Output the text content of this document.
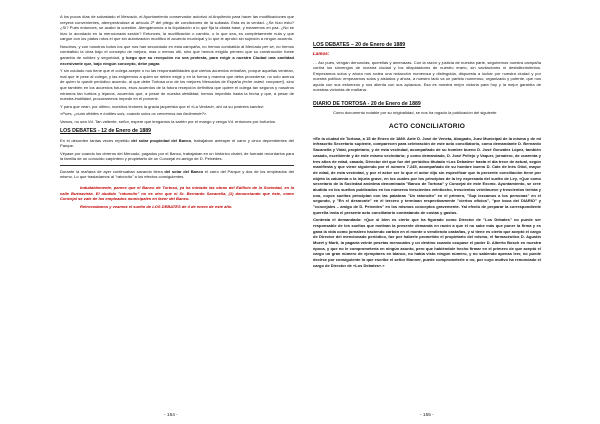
A los pocos días de subastado el Mercado, el Ayuntamiento conservador autorizó al Arquitecto para hacer las modificaciones que creyera convenientes, atemperándose al artículo 2º del pliego de condiciones de la subasta. Esta es la verdad. ¿Se hizo esto? ¿Sí? Pues entonces, se acabó la cuestión. Atengámonos a la liquidación a lo que fija la citada base, y estaremos en paz. ¿No se hizo lo acordado en la mencionada sesión? Entonces, la modificación o cambio, o lo que sea, es completamente nula y que cargue con los platos rotos el que sin autorización modificó el acuerdo municipal y lo que le aprobó sin sujeción a ningún acuerdo.

Nosotros, y con nosotros todos los que nos han secundado en esta campaña, no hemos combatido al Mercado per se, no hemos combatido la obra bajo el concepto de mejora, mas o menos útil, sino que hemos exigido primero que su construcción fuese garantía de solidez y seguridad, y luego que su recepción no sea protesta, para exigir a nuestra Ciudad una cantidad excesivante que, bajo ningún concepto, debe pagar.

Y sin cuidado nos tiene que el colega acepte o no las responsabilidades que ciertos acuerdos entrañan, porque aquellas verdean, mal que le pese al colega, y las exigiremos a quien se deben exigir y en la forma y manera que deba procederse, no solo acerca de quien lo quedé periódico acuerdo, al que debe Tortosa uno de los mejores Mercados de España (eche usted, compare!), sino que también en los acuerdos futuros, esos acuerdos de la futura recepción definitiva que quiere el colega tan seguros y nosotros miramos tan turbios y lejanos, acuerdos que, a pesar de nuestra debilidad, hemos impedido hasta la fecha y que, a pesar de nuestra inutilidad, procuraremos impedir en el porvenir.

Y para que vean, por último, nuestros lectores la gracia jaquerista que el «La Verdad», ahí va su postrera sandez:

«Pues, ¿cuán débiles e inútiles sois, cuando solos os vencemos tan fácilmente?».

Vamos, no sea Vd. Tan valiente, señor, espere que tengamos la sartén por el mango y venga Vd. entonces por bufuelos.

LOS DEBATES - 12 de Enero de 1889

En el desorden tantas veces repetido del solar propiedad del Banco, trabajaban anteayer el carro y cinco dependientes del Parque.

Véyase por cuando los obreros del Mercado, pagados por el Banco, trabajaban en un histórico chalet, de fuerade recordarlos para la familia de un conocido carpintero y propietario de un Concejal ex-amigo de D. Peixedes.

Durante la mañana de ayer continuaban sacando tierra del solar del Banco el carro del Parque y dos de los empleados del mismo. Lo que trasladamos al "ratoncito" a los efectos consiguientes.

Indudablemente, parece que el Banco de Tortosa, ya ha iniciado las obras del Edificio de la Sociedad, en la calle Buenavista. El aludido "ratoncito" no es otro que el Sr. Bernardo Sacanella, (1) denunciando que éste, como Concejal se vale de los empleados municipales en favor del Banco.

Retrocedamos y veamos el suelto de LOS DEBATES de 4 de enero de este año.

LOS DEBATES – 20 de Enero de 1889
Lamos:

… Así pues, vengan denuncias, querellas y amenazas. Con la razón y justicia de nuestra parte, seguiremos nuestra campaña contra los sinvengos de nuestra ciudad y los dilapidadores de nuestro erario, sin vacilaciones ni desfallecimientos. Empezamos solos y ahora nos rodea una redacción numerosa y distinguida, dispuesta a luchar por nuestra ciudad y por nuestra política: empezamos solos y aislados y ahora, a nuestro lado va un partido numeroso, organizado y potente, que nos ayuda con sus esfuerzos y nos alienta con sus aplausos. Esa es nuestra mejor victoria para hoy y la mejor garantía de nuestras victorias de mañana.

DIARIO DE TORTOSA - 20 de Enero de 1889

Como documento notable por su originalidad, se nos ha rogado la publicación del siguiente

ACTO CONCILIATORIO

«En la ciudad de Tortosa, a 15 de Enero de 1889. Ante D. José de Veneta, Abogado, Juez Municipal de la misma y de mi infrascrito Secretario suplente, comparecen para celebración de este acto conciliatorio, como demandante D. Bernardo Sacanella y Vidal, propietario, y de esta vecindad, acompañado de su hombre bueno D. José González López, también casado, escribiente y de este mismo vecindario; y como demandado, D. José Pellejo y Vaquer, jornalero, de cuarenta y tres años de edad, casado, Director del que fue del periódico titulado «Los Debates» hasta el día trece de actual, según manifiesta y que viene siguiendo por el número 7.245, acompañado de su hombre bueno D. Cate de Inés Otiol, mayor de edad, de esta vecindad, y por el actor ser lo que el actor dijo sin especificar que la presente conciliación tiene por objeto la calumnia o la injuria grave, en los cuales por los principios de la ley expresada del suelto de Ley, «Que como secretario de la Sociedad anónima denominada "Banco de Tortosa" y Concejal de este Excmo. Ayuntamiento, se cree aludido en los sueltos publicados en los números trescientos veintiocho, trescientos veintinueve y trescientos treinta y uno, cuyos sueltos principian con las palabras "Un ratoncito" en el primero, "Sup lezcamos a los personas" en el segundo, y "En el desmonte" en el tercero y terminan respectivamente "ciertos oficios", "por boca del DIARIO" y "concejales – amigo de D. Peixedes" en los mismos conceptos gravemente. Yal efecto de preparar la correspondiente querella insta el presente acto conciliatorio contratando de costas y gastos.

Contesta el demandado: «Que si bien es cierto que ha figurado como Director de "Los Debates" no puede ser responsable de los sueltos que motivan la presente demanda en razón a que él no sabe más que poner la firma y es gana la vida como jornalero haciendo carbón en el monte o vendiendo castañas, y si tiene es cierto que aceptó el cargo de Director del mencionado periódico, fue por haberle prometido el propietario del mismo, el farmacéutico D. Agustín Moret y Martí, la pagaría veinte pesetas mensuales y un destino cuando ocupase el poder D. Alberto Bosch en nuestra época, y que no le comprometería en ningún asunto, pero que habiéndole hecho firmar en el primero de que aceptó el cargo un gran número de ejemplares en blanco, no había visto ningún número, y no sabiendo apenas leer, no puede decirse por consiguiente lo que escribe el señor Monner, puede comprometerle o no, por cuyo motivo ha renunciado el cargo de Director de «Los Debates».»

- 154 -	- 155 -
